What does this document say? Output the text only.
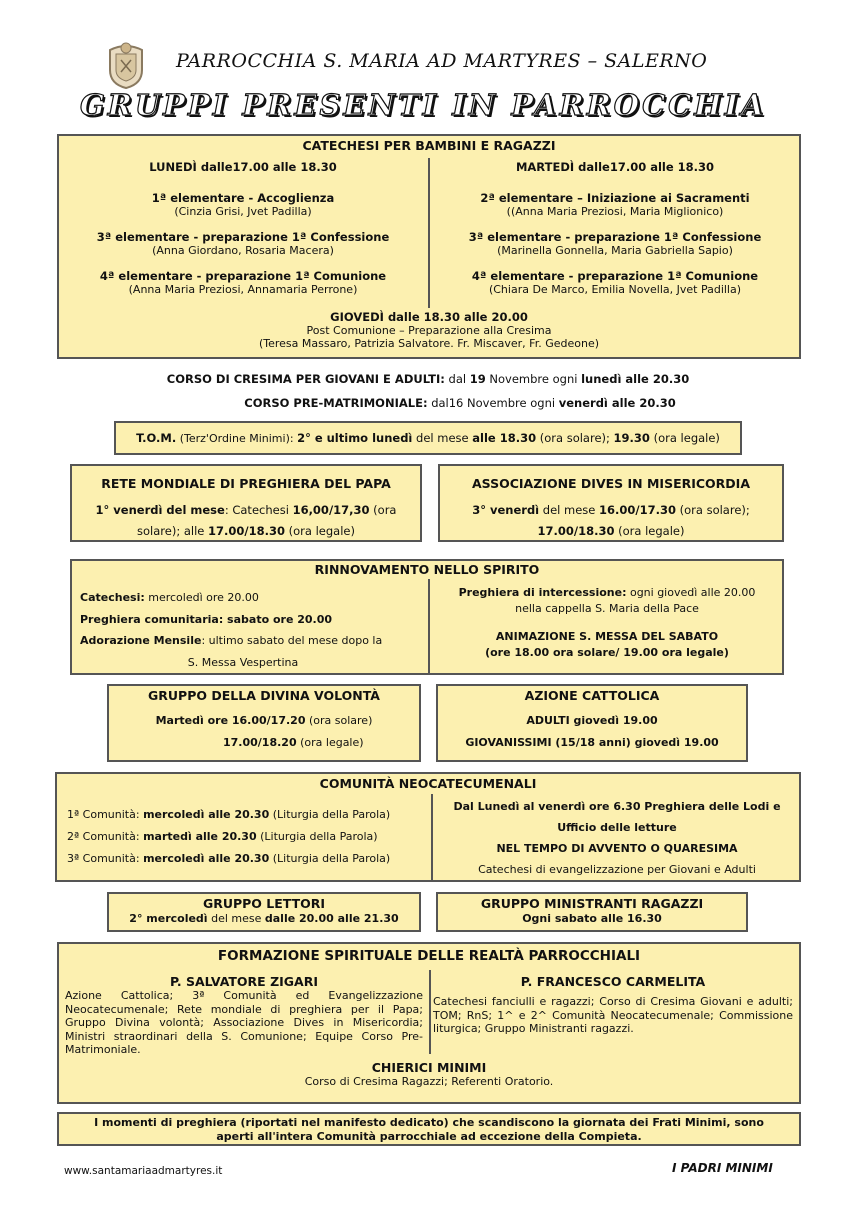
PARROCCHIA S. MARIA AD MARTYRES – SALERNO
GRUPPI PRESENTI IN PARROCCHIA
CATECHESI PER BAMBINI E RAGAZZI

LUNEDÌ dalle17.00 alle 18.30

1ª elementare - Accoglienza

(Cinzia Grisi, Jvet Padilla)

3ª elementare - preparazione 1ª Confessione

(Anna Giordano, Rosaria Macera)

4ª elementare - preparazione 1ª Comunione

(Anna Maria Preziosi, Annamaria Perrone)

MARTEDÌ dalle17.00 alle 18.30

2ª elementare – Iniziazione ai Sacramenti

((Anna Maria Preziosi, Maria Miglionico)

3ª elementare - preparazione 1ª Confessione

(Marinella Gonnella, Maria Gabriella Sapio)

4ª elementare - preparazione 1ª Comunione

(Chiara De Marco, Emilia Novella, Jvet Padilla)

GIOVEDÌ dalle 18.30 alle 20.00

Post Comunione – Preparazione alla Cresima

(Teresa Massaro, Patrizia Salvatore. Fr. Miscaver, Fr. Gedeone)

CORSO DI CRESIMA PER GIOVANI E ADULTI: dal 19 Novembre ogni lunedì alle 20.30
CORSO PRE-MATRIMONIALE: dal16 Novembre ogni venerdì alle 20.30
T.O.M. (Terz'Ordine Minimi): 2° e ultimo lunedì del mese alle 18.30 (ora solare); 19.30 (ora legale)
RETE MONDIALE DI PREGHIERA DEL PAPA
1° venerdì del mese: Catechesi 16,00/17,30 (ora
solare); alle 17.00/18.30 (ora legale)
ASSOCIAZIONE DIVES IN MISERICORDIA
3° venerdì del mese 16.00/17.30 (ora solare);
17.00/18.30 (ora legale)
RINNOVAMENTO NELLO SPIRITO

Catechesi: mercoledì ore 20.00

Preghiera comunitaria: sabato ore 20.00

Adorazione Mensile: ultimo sabato del mese dopo la

S. Messa Vespertina

Preghiera di intercessione: ogni giovedì alle 20.00

nella cappella S. Maria della Pace

ANIMAZIONE S. MESSA DEL SABATO

(ore 18.00 ora solare/ 19.00 ora legale)

GRUPPO DELLA DIVINA VOLONTÀ

Martedì ore 16.00/17.20 (ora solare)

17.00/18.20 (ora legale)

AZIONE CATTOLICA

ADULTI giovedì 19.00

GIOVANISSIMI (15/18 anni) giovedì 19.00

COMUNITÀ NEOCATECUMENALI

1ª Comunità: mercoledì alle 20.30 (Liturgia della Parola)

2ª Comunità: martedì alle 20.30 (Liturgia della Parola)

3ª Comunità: mercoledì alle 20.30 (Liturgia della Parola)

Dal Lunedì al venerdì ore 6.30 Preghiera delle Lodi e

Ufficio delle letture

NEL TEMPO DI AVVENTO O QUARESIMA

Catechesi di evangelizzazione per Giovani e Adulti

GRUPPO LETTORI
2° mercoledì del mese dalle 20.00 alle 21.30
GRUPPO MINISTRANTI RAGAZZI
Ogni sabato alle 16.30
FORMAZIONE SPIRITUALE DELLE REALTÀ PARROCCHIALI

P. SALVATORE ZIGARI

Azione Cattolica; 3ª Comunità ed Evangelizzazione Neocatecumenale; Rete mondiale di preghiera per il Papa; Gruppo Divina volontà; Associazione Dives in Misericordia; Ministri straordinari della S. Comunione; Equipe Corso Pre-Matrimoniale.

P. FRANCESCO CARMELITA

Catechesi fanciulli e ragazzi; Corso di Cresima Giovani e adulti; TOM; RnS; 1^ e 2^ Comunità Neocatecumenale; Commissione liturgica; Gruppo Ministranti ragazzi.

CHIERICI MINIMI

Corso di Cresima Ragazzi; Referenti Oratorio.

I momenti di preghiera (riportati nel manifesto dedicato) che scandiscono la giornata dei Frati Minimi, sono

aperti all'intera Comunità parrocchiale ad eccezione della Compieta.

www.santamariaadmartyres.it	I PADRI MINIMI
